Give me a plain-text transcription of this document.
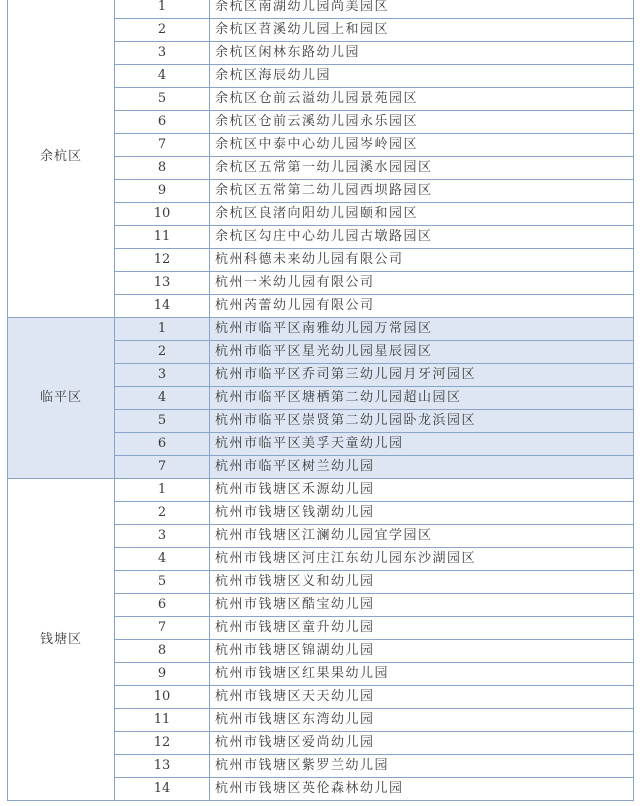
余杭区	1	余杭区南湖幼儿园尚美园区
	2	余杭区苕溪幼儿园上和园区
	3	余杭区闲林东路幼儿园
	4	余杭区海辰幼儿园
	5	余杭区仓前云溢幼儿园景苑园区
	6	余杭区仓前云溪幼儿园永乐园区
	7	余杭区中泰中心幼儿园岑岭园区
	8	余杭区五常第一幼儿园溪水园园区
	9	余杭区五常第二幼儿园西坝路园区
	10	余杭区良渚向阳幼儿园颐和园区
	11	余杭区勾庄中心幼儿园古墩路园区
	12	杭州科德未来幼儿园有限公司
	13	杭州一米幼儿园有限公司
	14	杭州芮蕾幼儿园有限公司
临平区	1	杭州市临平区南雅幼儿园万常园区
	2	杭州市临平区星光幼儿园星辰园区
	3	杭州市临平区乔司第三幼儿园月牙河园区
	4	杭州市临平区塘栖第二幼儿园超山园区
	5	杭州市临平区崇贤第二幼儿园卧龙浜园区
	6	杭州市临平区美孚天童幼儿园
	7	杭州市临平区树兰幼儿园
钱塘区	1	杭州市钱塘区禾源幼儿园
	2	杭州市钱塘区钱潮幼儿园
	3	杭州市钱塘区江澜幼儿园宜学园区
	4	杭州市钱塘区河庄江东幼儿园东沙湖园区
	5	杭州市钱塘区义和幼儿园
	6	杭州市钱塘区酷宝幼儿园
	7	杭州市钱塘区童升幼儿园
	8	杭州市钱塘区锦湖幼儿园
	9	杭州市钱塘区红果果幼儿园
	10	杭州市钱塘区天天幼儿园
	11	杭州市钱塘区东湾幼儿园
	12	杭州市钱塘区爱尚幼儿园
	13	杭州市钱塘区紫罗兰幼儿园
	14	杭州市钱塘区英伦森林幼儿园
